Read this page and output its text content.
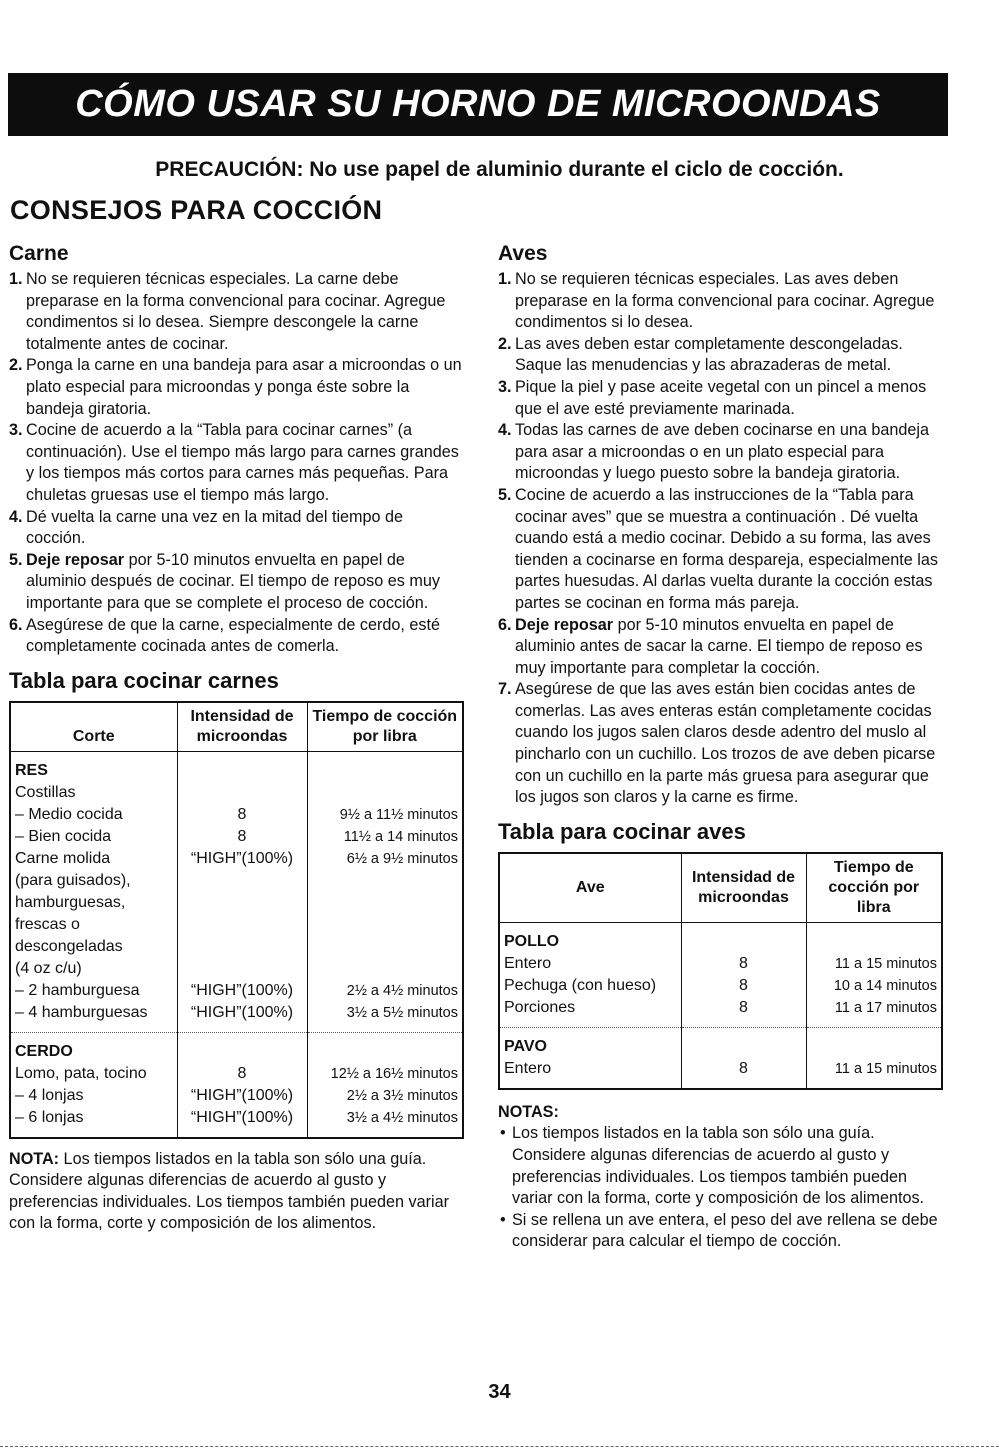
CÓMO USAR SU HORNO DE MICROONDAS
PRECAUCIÓN: No use papel de aluminio durante el ciclo de cocción.
CONSEJOS PARA COCCIÓN
Carne
1. No se requieren técnicas especiales. La carne debe preparase en la forma convencional para cocinar. Agregue condimentos si lo desea. Siempre descongele la carne totalmente antes de cocinar.
2. Ponga la carne en una bandeja para asar a microondas o un plato especial para microondas y ponga éste sobre la bandeja giratoria.
3. Cocine de acuerdo a la “Tabla para cocinar carnes” (a continuación). Use el tiempo más largo para carnes grandes y los tiempos más cortos para carnes más pequeñas. Para chuletas gruesas use el tiempo más largo.
4. Dé vuelta la carne una vez en la mitad del tiempo de cocción.
5. Deje reposar por 5-10 minutos envuelta en papel de aluminio después de cocinar. El tiempo de reposo es muy importante para que se complete el proceso de cocción.
6. Asegúrese de que la carne, especialmente de cerdo, esté completamente cocinada antes de comerla.
Tabla para cocinar carnes
Corte	Intensidad de microondas	Tiempo de cocción por libra
RES		
Costillas		
– Medio cocida	8	9½ a 11½ minutos
– Bien cocida	8	11½ a 14 minutos
Carne molida	“HIGH”(100%)	6½ a 9½ minutos
(para guisados),		
hamburguesas,		
frescas o		
descongeladas		
(4 oz c/u)		
– 2 hamburguesa	“HIGH”(100%)	2½ a 4½ minutos
– 4 hamburguesas	“HIGH”(100%)	3½ a 5½ minutos
CERDO		
Lomo, pata, tocino	8	12½ a 16½ minutos
– 4 lonjas	“HIGH”(100%)	2½ a 3½ minutos
– 6 lonjas	“HIGH”(100%)	3½ a 4½ minutos
NOTA: Los tiempos listados en la tabla son sólo una guía. Considere algunas diferencias de acuerdo al gusto y preferencias individuales. Los tiempos también pueden variar con la forma, corte y composición de los alimentos.
Aves
1. No se requieren técnicas especiales. Las aves deben preparase en la forma convencional para cocinar. Agregue condimentos si lo desea.
2. Las aves deben estar completamente descongeladas. Saque las menudencias y las abrazaderas de metal.
3. Pique la piel y pase aceite vegetal con un pincel a menos que el ave esté previamente marinada.
4. Todas las carnes de ave deben cocinarse en una bandeja para asar a microondas o en un plato especial para microondas y luego puesto sobre la bandeja giratoria.
5. Cocine de acuerdo a las instrucciones de la “Tabla para cocinar aves” que se muestra a continuación . Dé vuelta cuando está a medio cocinar. Debido a su forma, las aves tienden a cocinarse en forma despareja, especialmente las partes huesudas. Al darlas vuelta durante la cocción estas partes se cocinan en forma más pareja.
6. Deje reposar por 5-10 minutos envuelta en papel de aluminio antes de sacar la carne. El tiempo de reposo es muy importante para completar la cocción.
7. Asegúrese de que las aves están bien cocidas antes de comerlas. Las aves enteras están completamente cocidas cuando los jugos salen claros desde adentro del muslo al pincharlo con un cuchillo. Los trozos de ave deben picarse con un cuchillo en la parte más gruesa para asegurar que los jugos son claros y la carne es firme.
Tabla para cocinar aves
Ave	Intensidad de microondas	Tiempo de cocción por libra
POLLO		
Entero	8	11 a 15 minutos
Pechuga (con hueso)	8	10 a 14 minutos
Porciones	8	11 a 17 minutos
PAVO		
Entero	8	11 a 15 minutos
NOTAS:
• Los tiempos listados en la tabla son sólo una guía. Considere algunas diferencias de acuerdo al gusto y preferencias individuales. Los tiempos también pueden variar con la forma, corte y composición de los alimentos.
• Si se rellena un ave entera, el peso del ave rellena se debe considerar para calcular el tiempo de cocción.
34
